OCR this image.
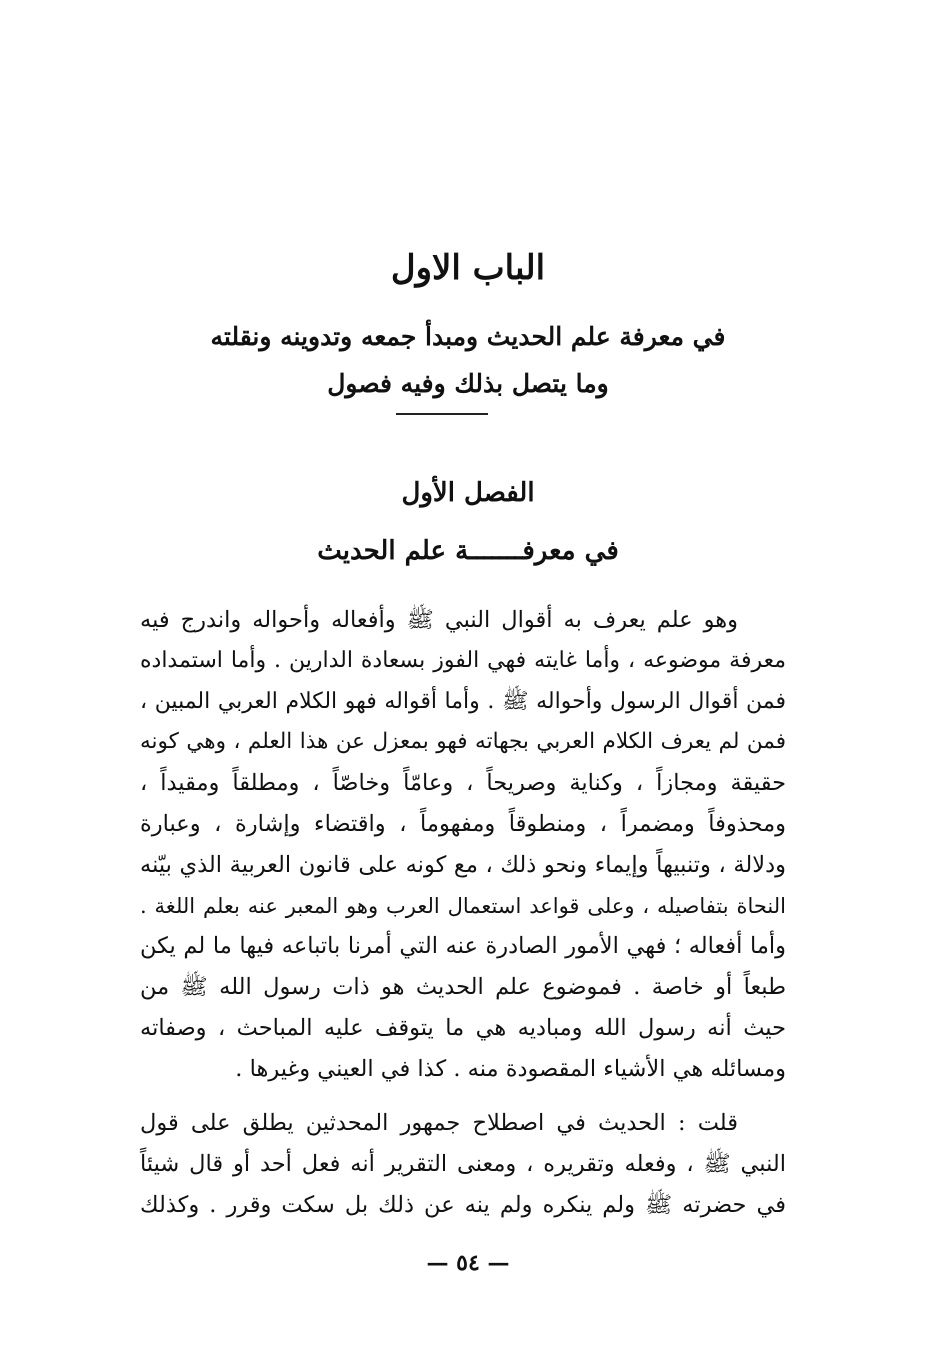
الباب الاول
في معرفة علم الحديث ومبدأ جمعه وتدوينه ونقلته
وما يتصل بذلك وفيه فصول
الفصل الأول
في معرفـــــــة علم الحديث
وهو علم يعرف به أقوال النبي ﷺ وأفعاله وأحواله واندرج فيه
معرفة موضوعه ، وأما غايته فهي الفوز بسعادة الدارين . وأما استمداده
فمن أقوال الرسول وأحواله ﷺ . وأما أقواله فهو الكلام العربي المبين ،
فمن لم يعرف الكلام العربي بجهاته فهو بمعزل عن هذا العلم ، وهي كونه
حقيقة ومجازاً ، وكناية وصريحاً ، وعامّاً وخاصّاً ، ومطلقاً ومقيداً ،
ومحذوفاً ومضمراً ، ومنطوقاً ومفهوماً ، واقتضاء وإشارة ، وعبارة
ودلالة ، وتنبيهاً وإيماء ونحو ذلك ، مع كونه على قانون العربية الذي بيّنه
النحاة بتفاصيله ، وعلى قواعد استعمال العرب وهو المعبر عنه بعلم اللغة .
وأما أفعاله ؛ فهي الأمور الصادرة عنه التي أمرنا باتباعه فيها ما لم يكن
طبعاً أو خاصة . فموضوع علم الحديث هو ذات رسول الله ﷺ من
حيث أنه رسول الله ومباديه هي ما يتوقف عليه المباحث ، وصفاته
ومسائله هي الأشياء المقصودة منه . كذا في العيني وغيرها .
قلت : الحديث في اصطلاح جمهور المحدثين يطلق على قول
النبي ﷺ ، وفعله وتقريره ، ومعنى التقرير أنه فعل أحد أو قال شيئاً
في حضرته ﷺ ولم ينكره ولم ينه عن ذلك بل سكت وقرر . وكذلك
— ٥٤ —
